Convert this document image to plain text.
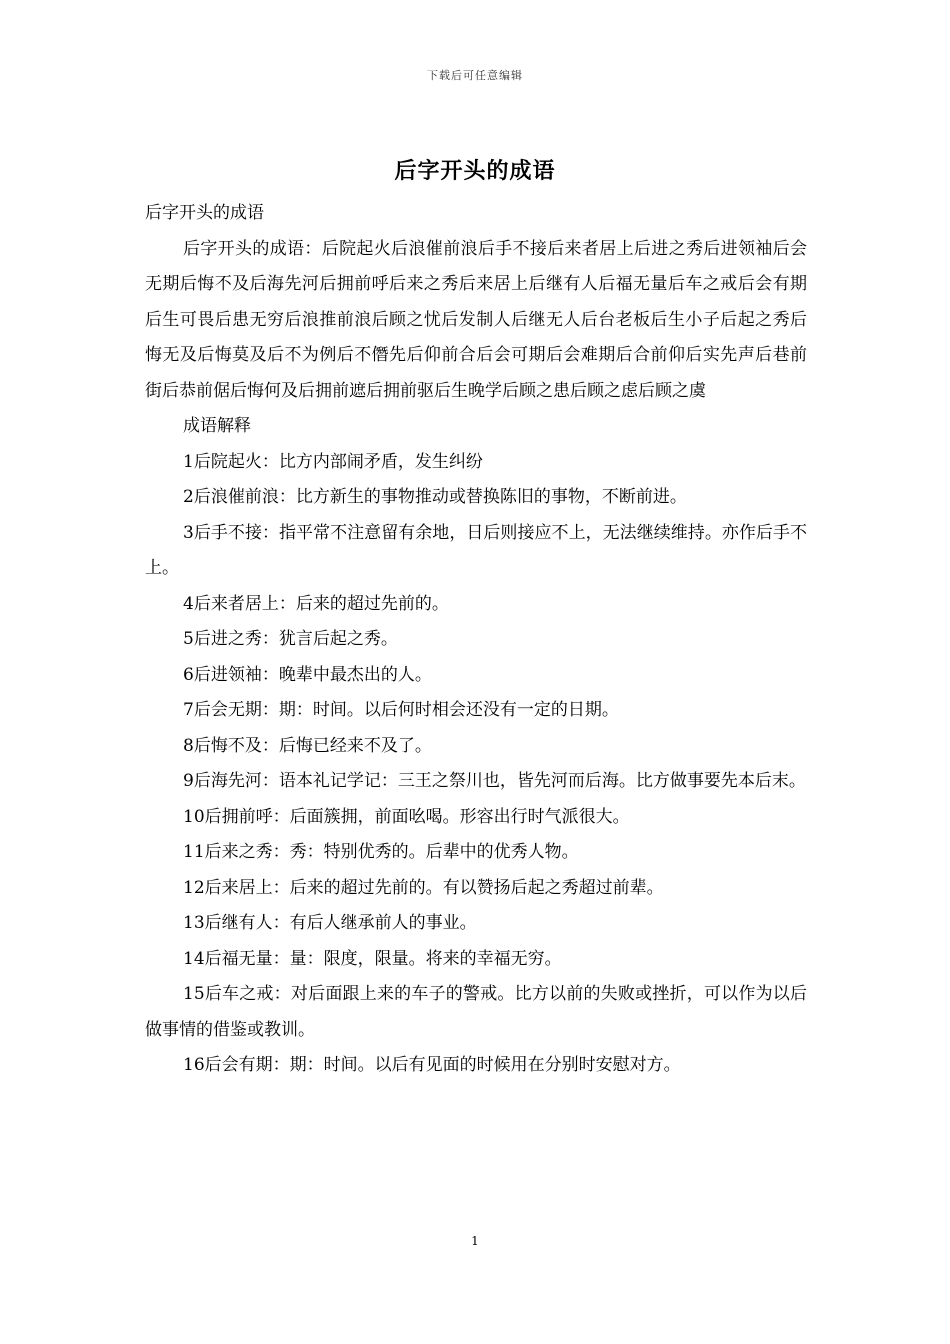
下载后可任意编辑
后字开头的成语

后字开头的成语

后字开头的成语：后院起火后浪催前浪后手不接后来者居上后进之秀后进领袖后会无期后悔不及后海先河后拥前呼后来之秀后来居上后继有人后福无量后车之戒后会有期后生可畏后患无穷后浪推前浪后顾之忧后发制人后继无人后台老板后生小子后起之秀后悔无及后悔莫及后不为例后不僭先后仰前合后会可期后会难期后合前仰后实先声后巷前街后恭前倨后悔何及后拥前遮后拥前驱后生晚学后顾之患后顾之虑后顾之虞

成语解释

1后院起火：比方内部闹矛盾，发生纠纷
2后浪催前浪：比方新生的事物推动或替换陈旧的事物，不断前进。
3后手不接：指平常不注意留有余地，日后则接应不上，无法继续维持。亦作后手不上。
4后来者居上：后来的超过先前的。
5后进之秀：犹言后起之秀。
6后进领袖：晚辈中最杰出的人。
7后会无期：期：时间。以后何时相会还没有一定的日期。
8后悔不及：后悔已经来不及了。
9后海先河：语本礼记学记：三王之祭川也，皆先河而后海。比方做事要先本后末。
10后拥前呼：后面簇拥，前面吆喝。形容出行时气派很大。
11后来之秀：秀：特别优秀的。后辈中的优秀人物。
12后来居上：后来的超过先前的。有以赞扬后起之秀超过前辈。
13后继有人：有后人继承前人的事业。
14后福无量：量：限度，限量。将来的幸福无穷。
15后车之戒：对后面跟上来的车子的警戒。比方以前的失败或挫折，可以作为以后做事情的借鉴或教训。
16后会有期：期：时间。以后有见面的时候用在分别时安慰对方。
1
